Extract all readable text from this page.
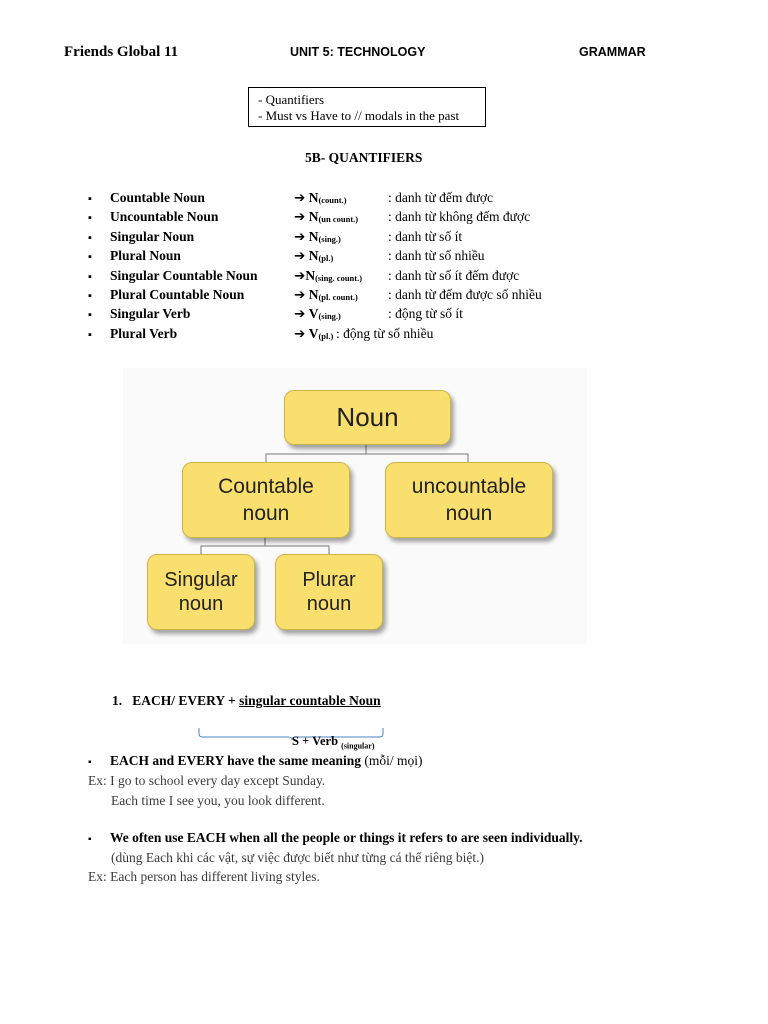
Friends Global 11	UNIT 5: TECHNOLOGY	GRAMMAR
- Quantifiers
- Must vs Have to // modals in the past
5B- QUANTIFIERS
▪ Countable Noun	➔ $N_{(count.)}$	: danh từ đếm được
▪ Uncountable Noun	➔ $N_{(un count.)}$ : danh từ không đếm được
▪ Singular Noun	➔ $N_{(sing.)}$	: danh từ số ít
▪ Plural Noun	➔ $N_{(pl.)}$	: danh từ số nhiều
▪ Singular Countable Noun	$➔N_{(sing. count.)}$ : danh từ số ít đếm được
▪ Plural Countable Noun	➔ $N_{(pl. count.)}$ : danh từ đếm được số nhiều
▪ Singular Verb	➔ $V_{(sing.)}$	: động từ số ít
▪ Plural Verb	➔ $V_{(pl.)}$ : động từ số nhiều
Noun
Countable
noun
uncountable
noun
Singular
noun
Plurar
noun
1. EACH/ EVERY + singular countable Noun
S + Verb $_{(singular)}$
▪ EACH and EVERY have the same meaning (mỗi/ mọi)
Ex: I go to school every day except Sunday.
Each time I see you, you look different.
▪ We often use EACH when all the people or things it refers to are seen individually.
(dùng Each khi các vật, sự việc được biết như từng cá thể riêng biệt.)
Ex: Each person has different living styles.
